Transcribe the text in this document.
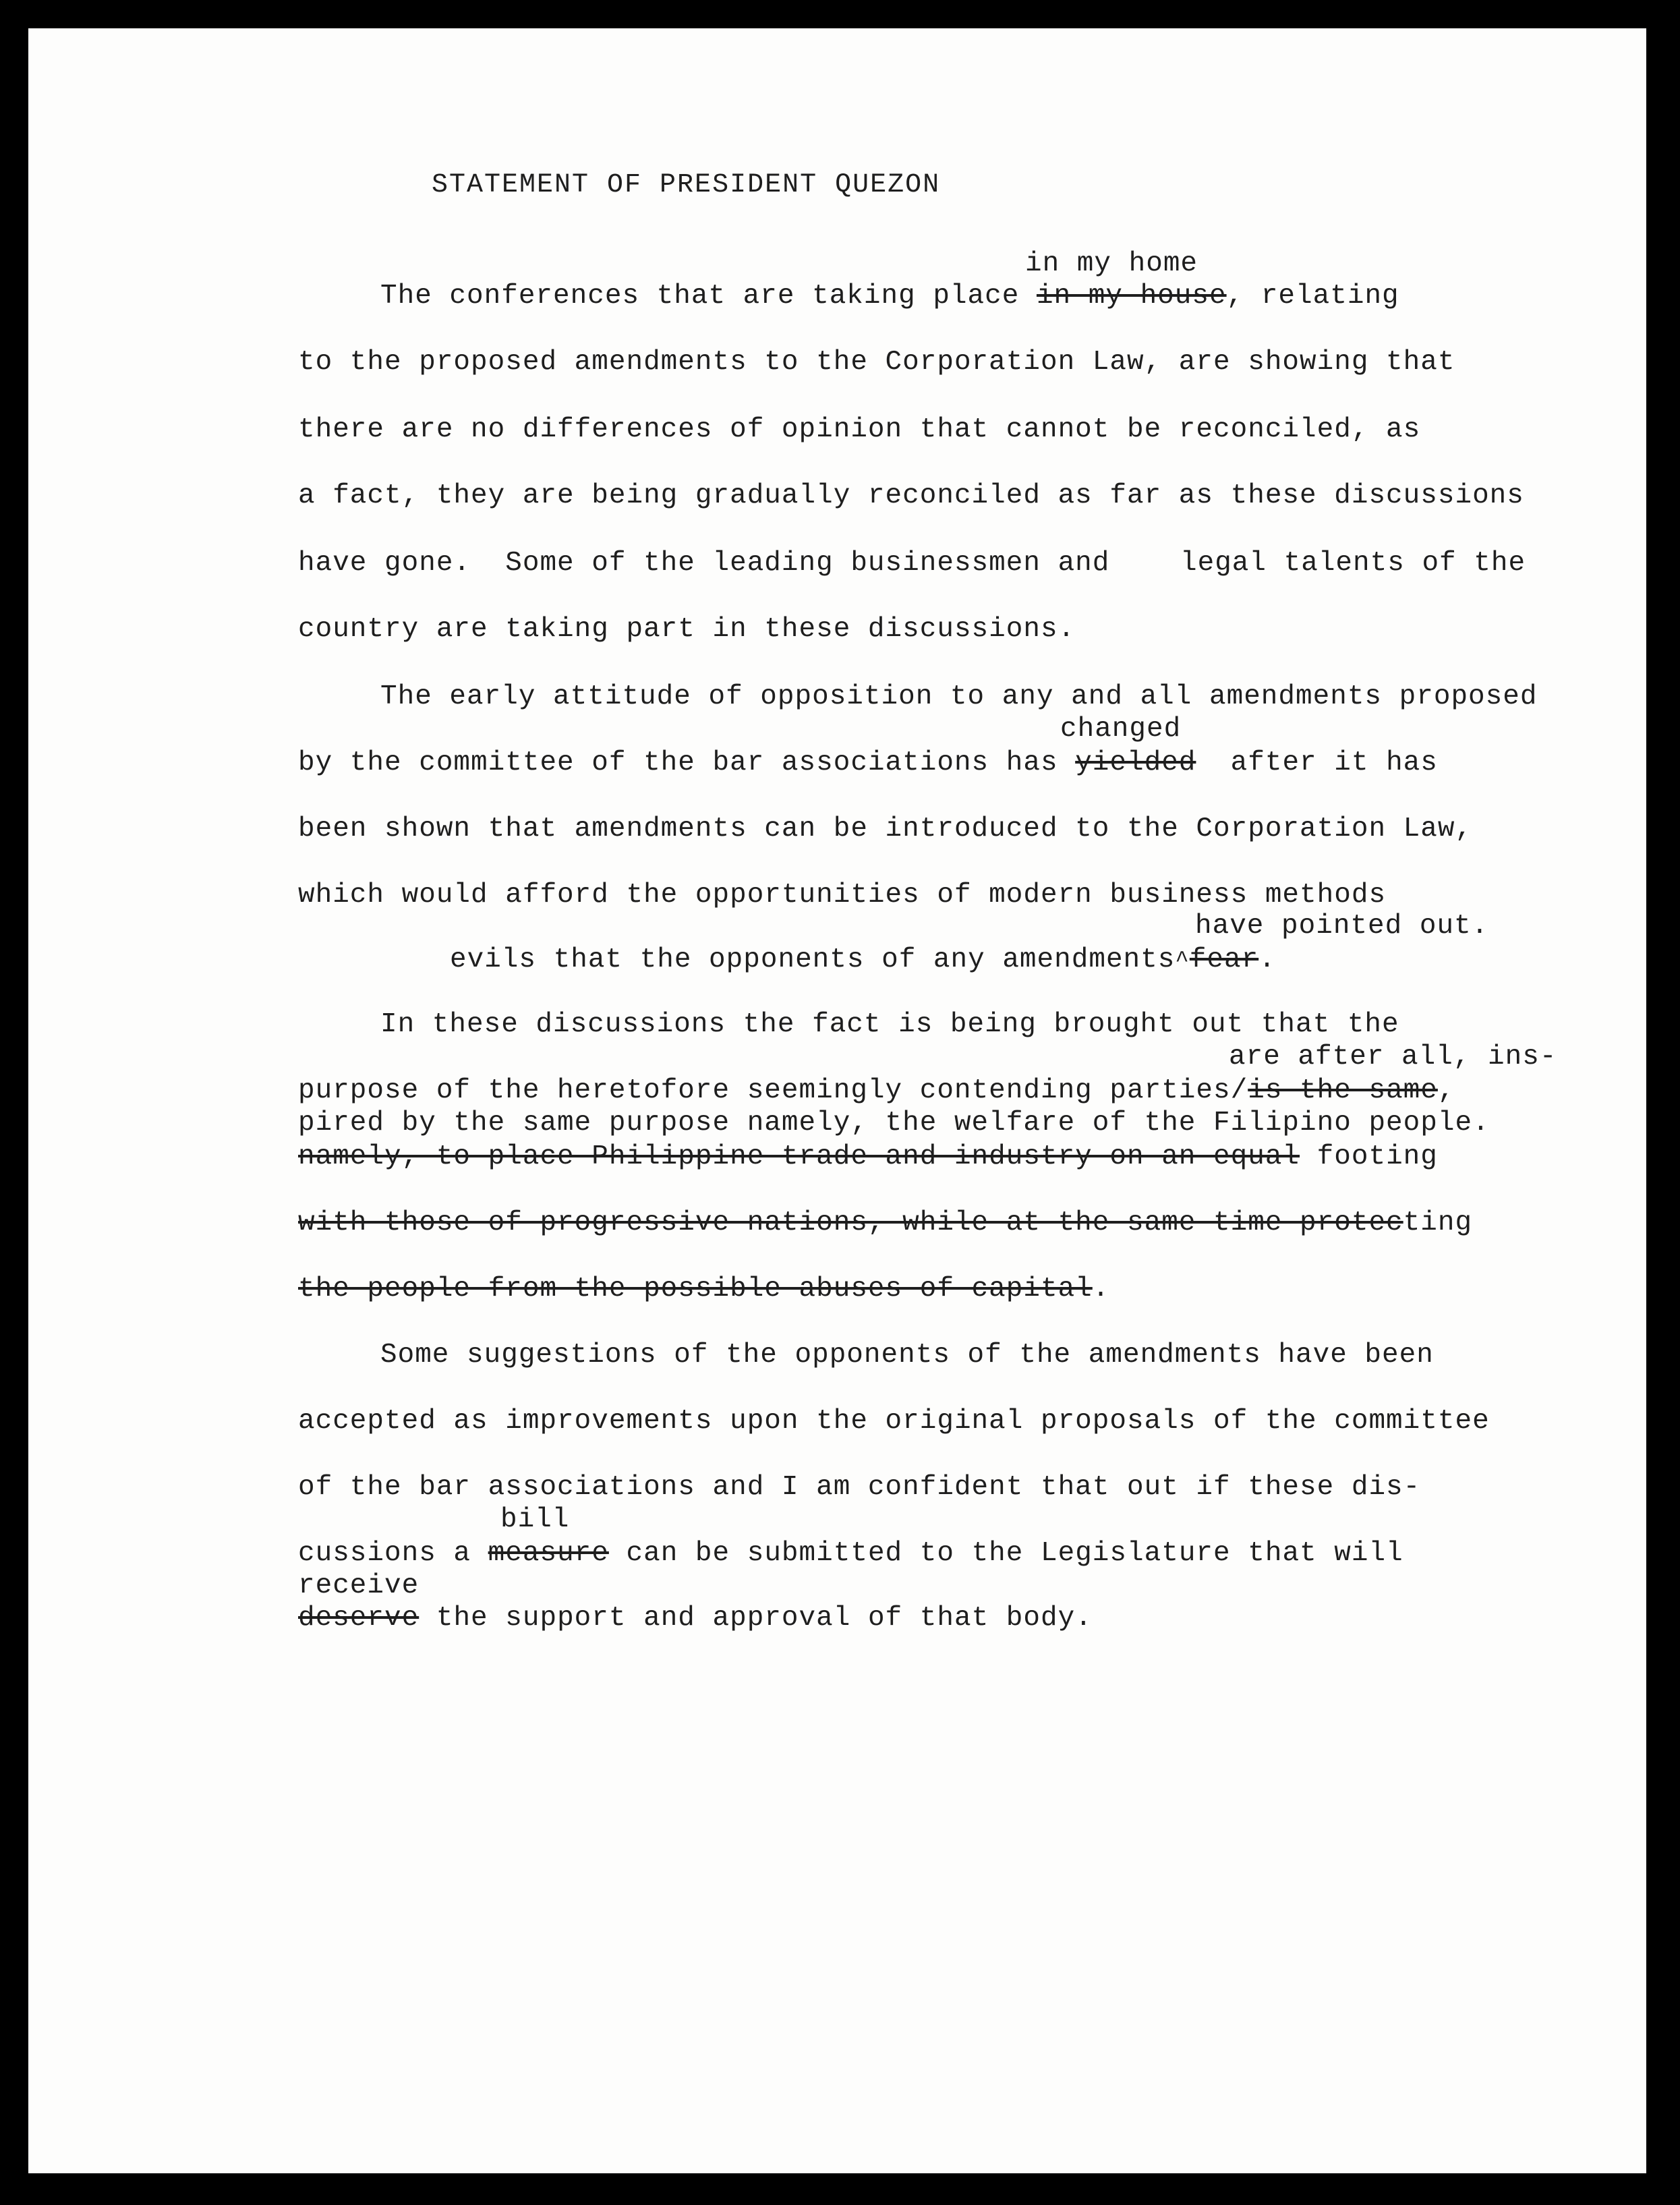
STATEMENT OF PRESIDENT QUEZON
in my home
The conferences that are taking place in my house, relating
to the proposed amendments to the Corporation Law, are showing that
there are no differences of opinion that cannot be reconciled, as
a fact, they are being gradually reconciled as far as these discussions
have gone.  Some of the leading businessmen and	legal talents of the
country are taking part in these discussions.
The early attitude of opposition to any and all amendments proposed
changed
by the committee of the bar associations has yielded  after it has
been shown that amendments can be introduced to the Corporation Law,
which would afford the opportunities of modern business methods
have pointed out.
evils that the opponents of any amendments^fear.
In these discussions the fact is being brought out that the
are after all, ins-
purpose of the heretofore seemingly contending parties/is the same,
pired by the same purpose namely, the welfare of the Filipino people.
namely, to place Philippine trade and industry on an equal footing
with those of progressive nations, while at the same time protecting
the people from the possible abuses of capital.
Some suggestions of the opponents of the amendments have been
accepted as improvements upon the original proposals of the committee
of the bar associations and I am confident that out if these dis-
bill
cussions a measure can be submitted to the Legislature that will
receive
deserve the support and approval of that body.
